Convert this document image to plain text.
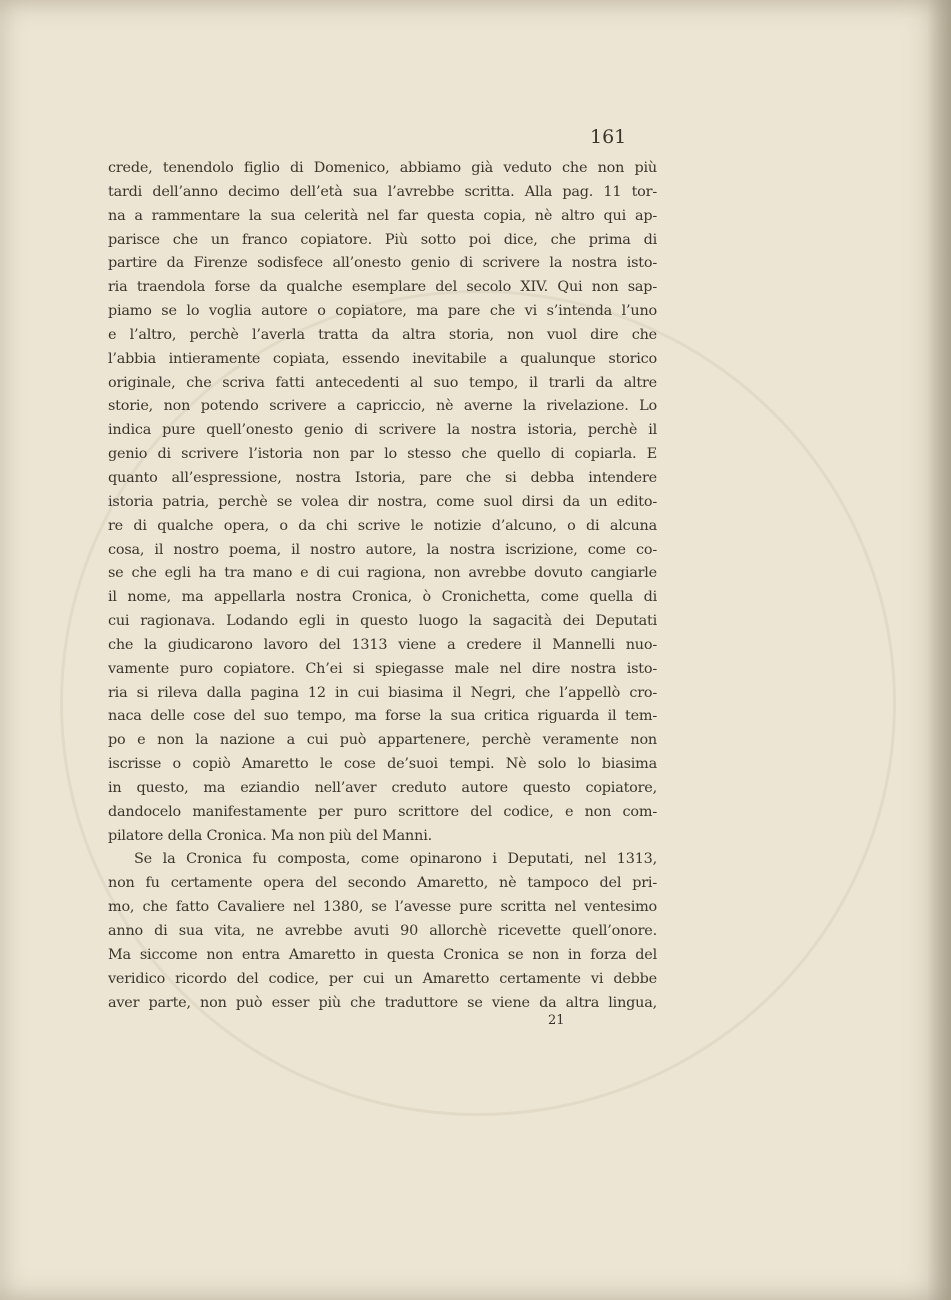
161
crede, tenendolo figlio di Domenico, abbiamo già veduto che non più
tardi dell’anno decimo dell’età sua l’avrebbe scritta. Alla pag. 11 tor-
na a rammentare la sua celerità nel far questa copia, nè altro qui ap-
parisce che un franco copiatore. Più sotto poi dice, che prima di
partire da Firenze sodisfece all’onesto genio di scrivere la nostra isto-
ria traendola forse da qualche esemplare del secolo XIV. Qui non sap-
piamo se lo voglia autore o copiatore, ma pare che vi s’intenda l’uno
e l’altro, perchè l’averla tratta da altra storia, non vuol dire che
l’abbia intieramente copiata, essendo inevitabile a qualunque storico
originale, che scriva fatti antecedenti al suo tempo, il trarli da altre
storie, non potendo scrivere a capriccio, nè averne la rivelazione. Lo
indica pure quell’onesto genio di scrivere la nostra istoria, perchè il
genio di scrivere l’istoria non par lo stesso che quello di copiarla. E
quanto all’espressione, nostra Istoria, pare che si debba intendere
istoria patria, perchè se volea dir nostra, come suol dirsi da un edito-
re di qualche opera, o da chi scrive le notizie d’alcuno, o di alcuna
cosa, il nostro poema, il nostro autore, la nostra iscrizione, come co-
se che egli ha tra mano e di cui ragiona, non avrebbe dovuto cangiarle
il nome, ma appellarla nostra Cronica, ò Cronichetta, come quella di
cui ragionava. Lodando egli in questo luogo la sagacità dei Deputati
che la giudicarono lavoro del 1313 viene a credere il Mannelli nuo-
vamente puro copiatore. Ch’ei si spiegasse male nel dire nostra isto-
ria si rileva dalla pagina 12 in cui biasima il Negri, che l’appellò cro-
naca delle cose del suo tempo, ma forse la sua critica riguarda il tem-
po e non la nazione a cui può appartenere, perchè veramente non
iscrisse o copiò Amaretto le cose de’suoi tempi. Nè solo lo biasima
in questo, ma eziandio nell’aver creduto autore questo copiatore,
dandocelo manifestamente per puro scrittore del codice, e non com-
pilatore della Cronica. Ma non più del Manni.
Se la Cronica fu composta, come opinarono i Deputati, nel 1313,
non fu certamente opera del secondo Amaretto, nè tampoco del pri-
mo, che fatto Cavaliere nel 1380, se l’avesse pure scritta nel ventesimo
anno di sua vita, ne avrebbe avuti 90 allorchè ricevette quell’onore.
Ma siccome non entra Amaretto in questa Cronica se non in forza del
veridico ricordo del codice, per cui un Amaretto certamente vi debbe
aver parte, non può esser più che traduttore se viene da altra lingua,
21
